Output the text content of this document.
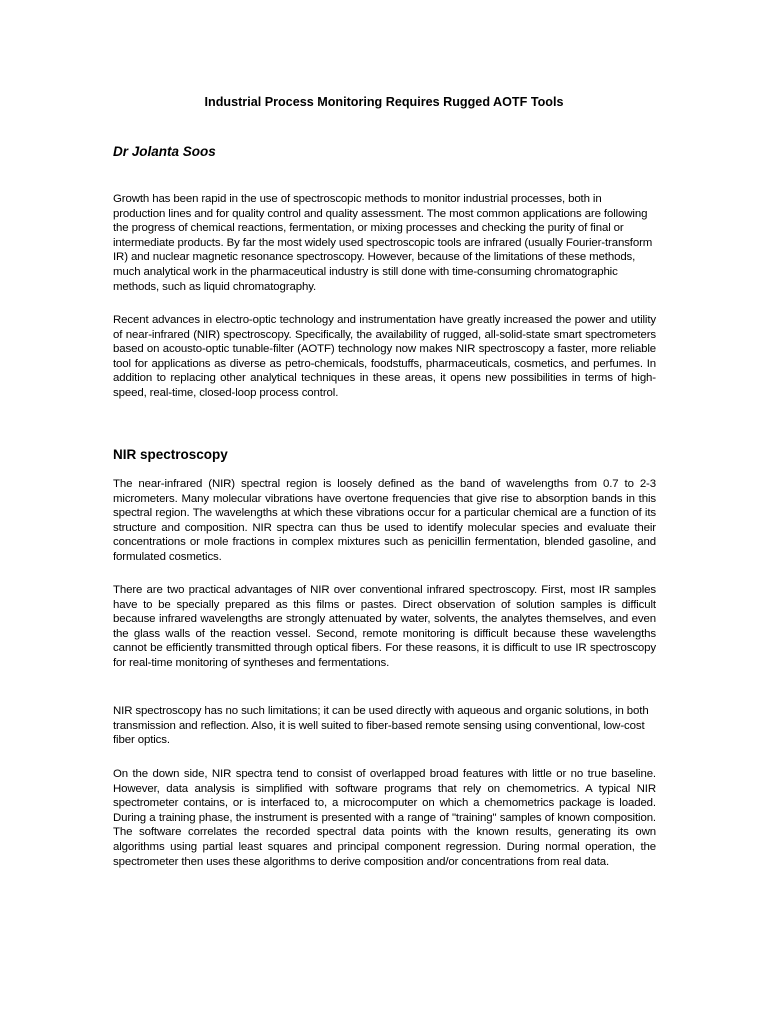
Industrial Process Monitoring Requires Rugged AOTF Tools
Dr Jolanta Soos

Growth has been rapid in the use of spectroscopic methods to monitor industrial processes, both in production lines and for quality control and quality assessment. The most common applications are following the progress of chemical reactions, fermentation, or mixing processes and checking the purity of final or intermediate products. By far the most widely used spectroscopic tools are infrared (usually Fourier-transform IR) and nuclear magnetic resonance spectroscopy. However, because of the limitations of these methods, much analytical work in the pharmaceutical industry is still done with time-consuming chromatographic methods, such as liquid chromatography.

Recent advances in electro-optic technology and instrumentation have greatly increased the power and utility of near-infrared (NIR) spectroscopy. Specifically, the availability of rugged, all-solid-state smart spectrometers based on acousto-optic tunable-filter (AOTF) technology now makes NIR spectroscopy a faster, more reliable tool for applications as diverse as petro-chemicals, foodstuffs, pharmaceuticals, cosmetics, and perfumes. In addition to replacing other analytical techniques in these areas, it opens new possibilities in terms of high-speed, real-time, closed-loop process control.

NIR spectroscopy

The near-infrared (NIR) spectral region is loosely defined as the band of wavelengths from 0.7 to 2-3 micrometers. Many molecular vibrations have overtone frequencies that give rise to absorption bands in this spectral region. The wavelengths at which these vibrations occur for a particular chemical are a function of its structure and composition. NIR spectra can thus be used to identify molecular species and evaluate their concentrations or mole fractions in complex mixtures such as penicillin fermentation, blended gasoline, and formulated cosmetics.

There are two practical advantages of NIR over conventional infrared spectroscopy. First, most IR samples have to be specially prepared as this films or pastes. Direct observation of solution samples is difficult because infrared wavelengths are strongly attenuated by water, solvents, the analytes themselves, and even the glass walls of the reaction vessel. Second, remote monitoring is difficult because these wavelengths cannot be efficiently transmitted through optical fibers. For these reasons, it is difficult to use IR spectroscopy for real-time monitoring of syntheses and fermentations.

NIR spectroscopy has no such limitations; it can be used directly with aqueous and organic solutions, in both transmission and reflection. Also, it is well suited to fiber-based remote sensing using conventional, low-cost fiber optics.

On the down side, NIR spectra tend to consist of overlapped broad features with little or no true baseline. However, data analysis is simplified with software programs that rely on chemometrics. A typical NIR spectrometer contains, or is interfaced to, a microcomputer on which a chemometrics package is loaded. During a training phase, the instrument is presented with a range of "training" samples of known composition. The software correlates the recorded spectral data points with the known results, generating its own algorithms using partial least squares and principal component regression. During normal operation, the spectrometer then uses these algorithms to derive composition and/or concentrations from real data.
